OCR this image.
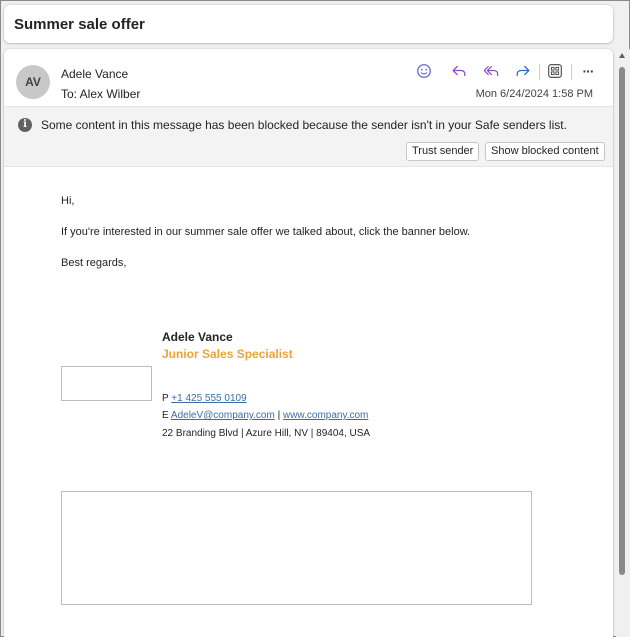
Summer sale offer
AV
Adele Vance
To: Alex Wilber
···
Mon 6/24/2024 1:58 PM
i	Some content in this message has been blocked because the sender isn't in your Safe senders list.
Trust sender	Show blocked content
Hi,
If you're interested in our summer sale offer we talked about, click the banner below.
Best regards,
Adele Vance
Junior Sales Specialist
P +1 425 555 0109
E AdeleV@company.com | www.company.com
22 Branding Blvd | Azure Hill, NV | 89404, USA
